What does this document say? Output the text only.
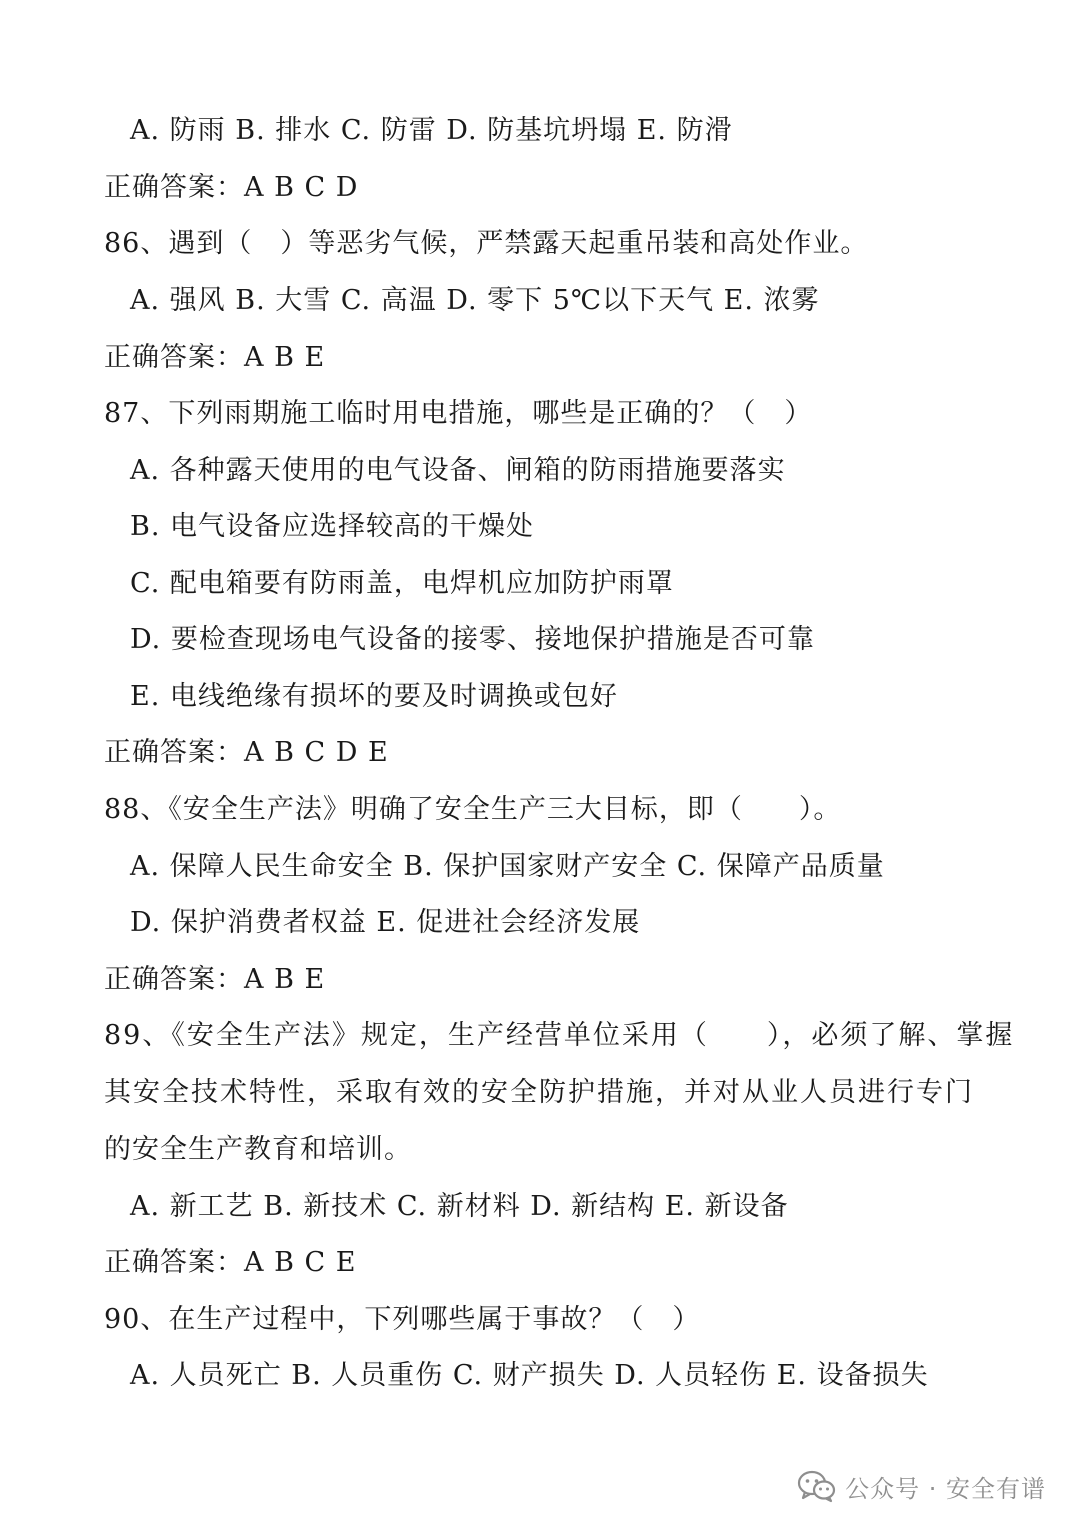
A. 防雨 B. 排水 C. 防雷 D. 防基坑坍塌 E. 防滑
正确答案：A B C D
86、遇到（　）等恶劣气候，严禁露天起重吊装和高处作业。
A. 强风 B. 大雪 C. 高温 D. 零下 5℃以下天气 E. 浓雾
正确答案：A B E
87、下列雨期施工临时用电措施，哪些是正确的？（　）
A. 各种露天使用的电气设备、闸箱的防雨措施要落实
B. 电气设备应选择较高的干燥处
C. 配电箱要有防雨盖，电焊机应加防护雨罩
D. 要检查现场电气设备的接零、接地保护措施是否可靠
E. 电线绝缘有损坏的要及时调换或包好
正确答案：A B C D E
88、《安全生产法》明确了安全生产三大目标，即（　　）。
A. 保障人民生命安全 B. 保护国家财产安全 C. 保障产品质量
D. 保护消费者权益 E. 促进社会经济发展
正确答案：A B E
89、《安全生产法》规定，生产经营单位采用（　　），必须了解、掌握
其安全技术特性，采取有效的安全防护措施，并对从业人员进行专门
的安全生产教育和培训。
A. 新工艺 B. 新技术 C. 新材料 D. 新结构 E. 新设备
正确答案：A B C E
90、在生产过程中，下列哪些属于事故？（　）
A. 人员死亡 B. 人员重伤 C. 财产损失 D. 人员轻伤 E. 设备损失
公众号 · 安全有谱
